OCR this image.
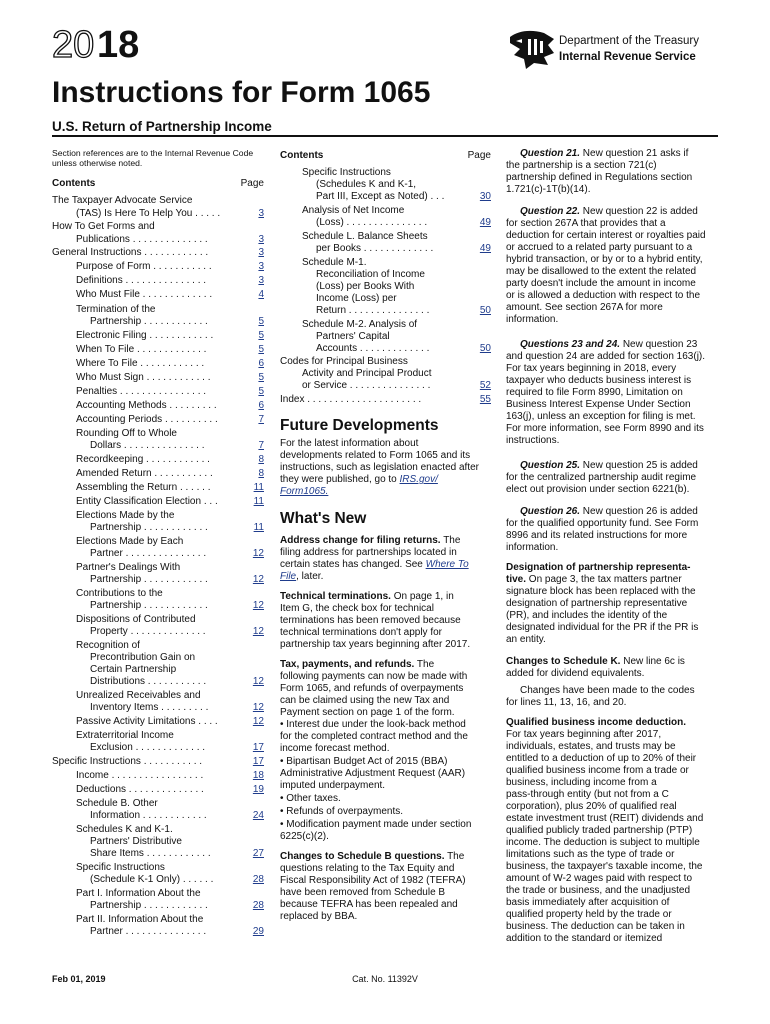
20 18
Instructions for Form 1065
U.S. Return of Partnership Income
Department of the Treasury
Internal Revenue Service
Section references are to the Internal Revenue Code
unless otherwise noted.
Contents	Page
The Taxpayer Advocate Service
(TAS) Is Here To Help You . . . . .	3
How To Get Forms and
Publications . . . . . . . . . . . . . .	3
General Instructions . . . . . . . . . . . .	3
Purpose of Form . . . . . . . . . . .	3
Definitions . . . . . . . . . . . . . . .	3
Who Must File . . . . . . . . . . . . .	4
Termination of the
Partnership . . . . . . . . . . . .	5
Electronic Filing . . . . . . . . . . . .	5
When To File . . . . . . . . . . . . .	5
Where To File . . . . . . . . . . . .	6
Who Must Sign . . . . . . . . . . . .	5
Penalties . . . . . . . . . . . . . . . .	5
Accounting Methods . . . . . . . . .	6
Accounting Periods . . . . . . . . . .	7
Rounding Off to Whole
Dollars . . . . . . . . . . . . . . .	7
Recordkeeping . . . . . . . . . . . .	8
Amended Return . . . . . . . . . . .	8
Assembling the Return . . . . . .	11
Entity Classification Election . . .	11
Elections Made by the
Partnership . . . . . . . . . . . .	11
Elections Made by Each
Partner . . . . . . . . . . . . . . .	12
Partner's Dealings With
Partnership . . . . . . . . . . . .	12
Contributions to the
Partnership . . . . . . . . . . . .	12
Dispositions of Contributed
Property . . . . . . . . . . . . . .	12
Recognition of
Precontribution Gain on
Certain Partnership
Distributions . . . . . . . . . . .	12
Unrealized Receivables and
Inventory Items . . . . . . . . .	12
Passive Activity Limitations . . . .	12
Extraterritorial Income
Exclusion . . . . . . . . . . . . .	17
Specific Instructions . . . . . . . . . . .	17
Income . . . . . . . . . . . . . . . . .	18
Deductions . . . . . . . . . . . . . .	19
Schedule B. Other
Information . . . . . . . . . . . .	24
Schedules K and K-1.
Partners' Distributive
Share Items . . . . . . . . . . . .	27
Specific Instructions
(Schedule K-1 Only) . . . . . .	28
Part I. Information About the
Partnership . . . . . . . . . . . .	28
Part II. Information About the
Partner . . . . . . . . . . . . . . .	29
Contents	Page
Specific Instructions
(Schedules K and K-1,
Part III, Except as Noted) . . .	30
Analysis of Net Income
(Loss) . . . . . . . . . . . . . . .	49
Schedule L. Balance Sheets
per Books . . . . . . . . . . . . .	49
Schedule M-1.
Reconciliation of Income
(Loss) per Books With
Income (Loss) per
Return . . . . . . . . . . . . . . .	50
Schedule M-2. Analysis of
Partners' Capital
Accounts . . . . . . . . . . . . .	50
Codes for Principal Business
Activity and Principal Product
or Service . . . . . . . . . . . . . . .	52
Index . . . . . . . . . . . . . . . . . . . . .	55
Future Developments
For the latest information about
developments related to Form 1065 and its
instructions, such as legislation enacted after
they were published, go to IRS.gov/
Form1065.
What's New
Address change for filing returns. The
filing address for partnerships located in
certain states has changed. See Where To
File, later.
Technical terminations. On page 1, in
Item G, the check box for technical
terminations has been removed because
technical terminations don't apply for
partnership tax years beginning after 2017.
Tax, payments, and refunds. The
following payments can now be made with
Form 1065, and refunds of overpayments
can be claimed using the new Tax and
Payment section on page 1 of the form.
• Interest due under the look-back method
for the completed contract method and the
income forecast method.
• Bipartisan Budget Act of 2015 (BBA)
Administrative Adjustment Request (AAR)
imputed underpayment.
• Other taxes.
• Refunds of overpayments.
• Modification payment made under section
6225(c)(2).
Changes to Schedule B questions. The
questions relating to the Tax Equity and
Fiscal Responsibility Act of 1982 (TEFRA)
have been removed from Schedule B
because TEFRA has been repealed and
replaced by BBA.
Question 21. New question 21 asks if
the partnership is a section 721(c)
partnership defined in Regulations section
1.721(c)-1T(b)(14).
Question 22. New question 22 is added
for section 267A that provides that a
deduction for certain interest or royalties paid
or accrued to a related party pursuant to a
hybrid transaction, or by or to a hybrid entity,
may be disallowed to the extent the related
party doesn't include the amount in income
or is allowed a deduction with respect to the
amount. See section 267A for more
information.
Questions 23 and 24. New question 23
and question 24 are added for section 163(j).
For tax years beginning in 2018, every
taxpayer who deducts business interest is
required to file Form 8990, Limitation on
Business Interest Expense Under Section
163(j), unless an exception for filing is met.
For more information, see Form 8990 and its
instructions.
Question 25. New question 25 is added
for the centralized partnership audit regime
elect out provision under section 6221(b).
Question 26. New question 26 is added
for the qualified opportunity fund. See Form
8996 and its related instructions for more
information.
Designation of partnership representa-
tive. On page 3, the tax matters partner
signature block has been replaced with the
designation of partnership representative
(PR), and includes the identity of the
designated individual for the PR if the PR is
an entity.
Changes to Schedule K. New line 6c is
added for dividend equivalents.
Changes have been made to the codes
for lines 11, 13, 16, and 20.
Qualified business income deduction.
For tax years beginning after 2017,
individuals, estates, and trusts may be
entitled to a deduction of up to 20% of their
qualified business income from a trade or
business, including income from a
pass-through entity (but not from a C
corporation), plus 20% of qualified real
estate investment trust (REIT) dividends and
qualified publicly traded partnership (PTP)
income. The deduction is subject to multiple
limitations such as the type of trade or
business, the taxpayer's taxable income, the
amount of W-2 wages paid with respect to
the trade or business, and the unadjusted
basis immediately after acquisition of
qualified property held by the trade or
business. The deduction can be taken in
addition to the standard or itemized
Feb 01, 2019	Cat. No. 11392V
